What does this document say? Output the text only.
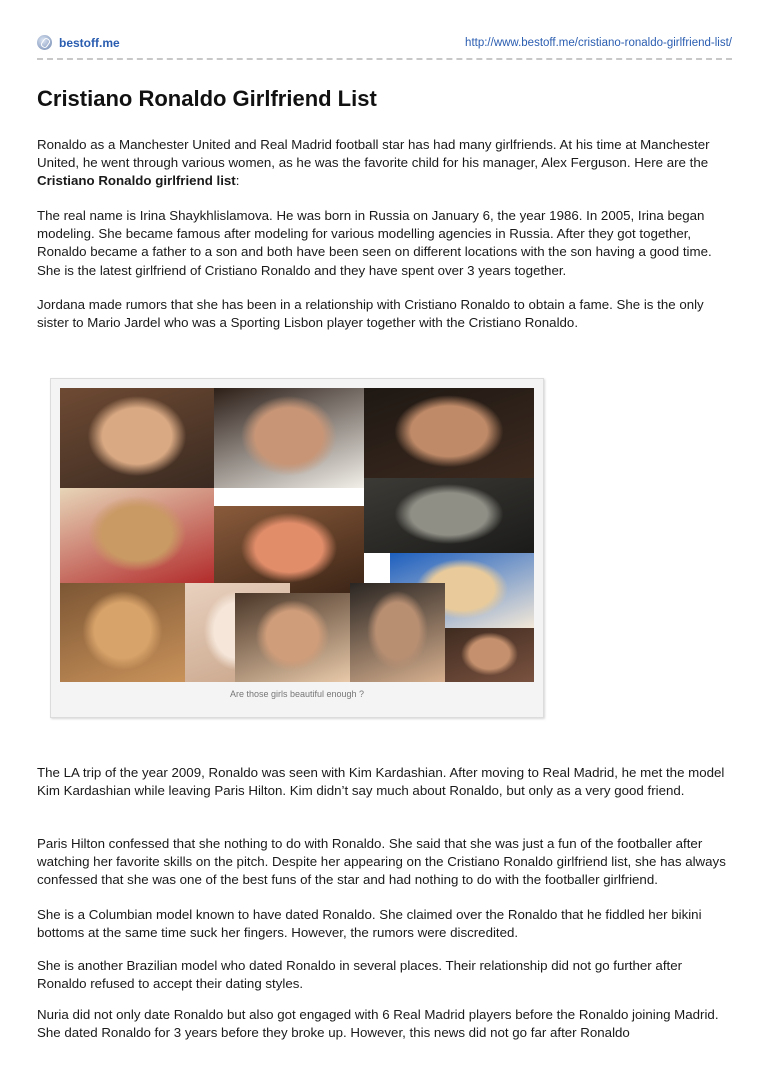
bestoff.me	http://www.bestoff.me/cristiano-ronaldo-girlfriend-list/
Cristiano Ronaldo Girlfriend List

Ronaldo as a Manchester United and Real Madrid football star has had many girlfriends. At his time at Manchester United, he went through various women, as he was the favorite child for his manager, Alex Ferguson. Here are the Cristiano Ronaldo girlfriend list:

The real name is Irina Shaykhlislamova. He was born in Russia on January 6, the year 1986. In 2005, Irina began modeling. She became famous after modeling for various modelling agencies in Russia. After they got together, Ronaldo became a father to a son and both have been seen on different locations with the son having a good time. She is the latest girlfriend of Cristiano Ronaldo and they have spent over 3 years together.

Jordana made rumors that she has been in a relationship with Cristiano Ronaldo to obtain a fame. She is the only sister to Mario Jardel who was a Sporting Lisbon player together with the Cristiano Ronaldo.

Are those girls beautiful enough ?

The LA trip of the year 2009, Ronaldo was seen with Kim Kardashian. After moving to Real Madrid, he met the model Kim Kardashian while leaving Paris Hilton. Kim didn’t say much about Ronaldo, but only as a very good friend.

Paris Hilton confessed that she nothing to do with Ronaldo. She said that she was just a fun of the footballer after watching her favorite skills on the pitch. Despite her appearing on the Cristiano Ronaldo girlfriend list, she has always confessed that she was one of the best funs of the star and had nothing to do with the footballer girlfriend.

She is a Columbian model known to have dated Ronaldo. She claimed over the Ronaldo that he fiddled her bikini bottoms at the same time suck her fingers. However, the rumors were discredited.

She is another Brazilian model who dated Ronaldo in several places. Their relationship did not go further after Ronaldo refused to accept their dating styles.

Nuria did not only date Ronaldo but also got engaged with 6 Real Madrid players before the Ronaldo joining Madrid. She dated Ronaldo for 3 years before they broke up. However, this news did not go far after Ronaldo
